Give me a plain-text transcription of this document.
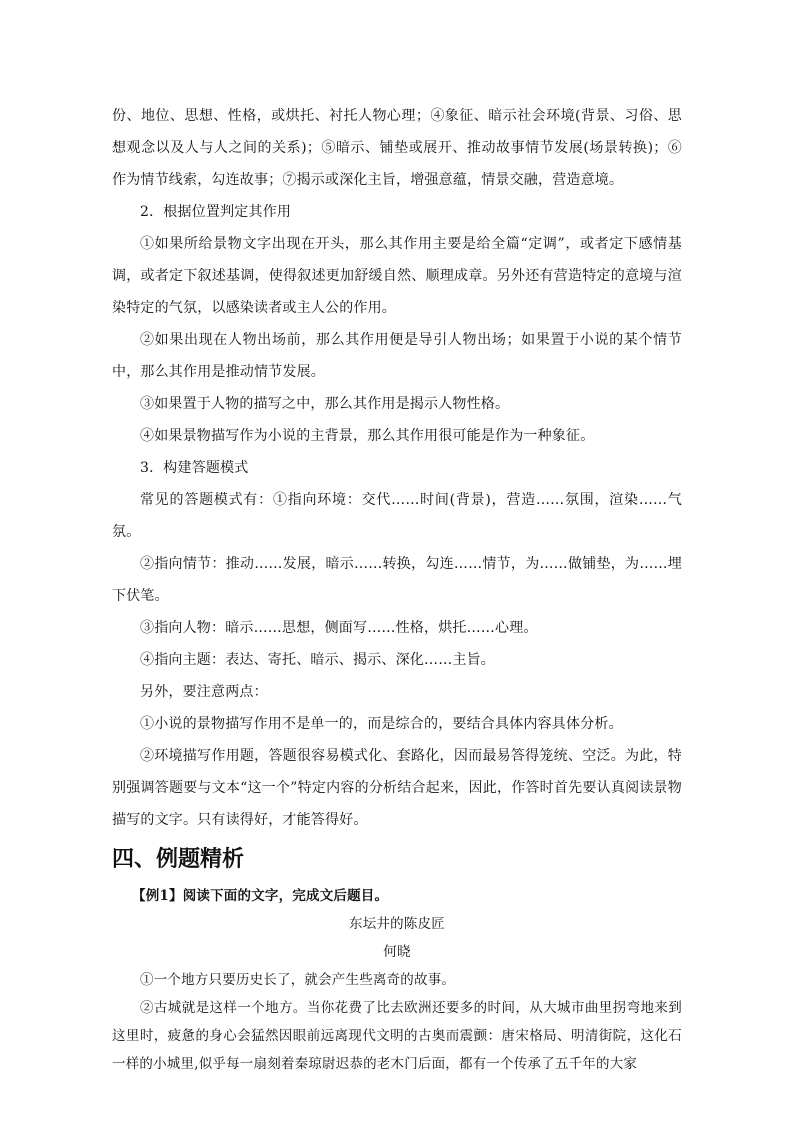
份、地位、思想、性格，或烘托、衬托人物心理；④象征、暗示社会环境(背景、习俗、思想观念以及人与人之间的关系)；⑤暗示、铺垫或展开、推动故事情节发展(场景转换)；⑥作为情节线索，勾连故事；⑦揭示或深化主旨，增强意蕴，情景交融，营造意境。

2．根据位置判定其作用

①如果所给景物文字出现在开头，那么其作用主要是给全篇“定调”，或者定下感情基调，或者定下叙述基调，使得叙述更加舒缓自然、顺理成章。另外还有营造特定的意境与渲染特定的气氛，以感染读者或主人公的作用。

②如果出现在人物出场前，那么其作用便是导引人物出场；如果置于小说的某个情节中，那么其作用是推动情节发展。

③如果置于人物的描写之中，那么其作用是揭示人物性格。

④如果景物描写作为小说的主背景，那么其作用很可能是作为一种象征。

3．构建答题模式

常见的答题模式有：①指向环境：交代……时间(背景)，营造……氛围，渲染……气氛。

②指向情节：推动……发展，暗示……转换，勾连……情节，为……做铺垫，为……埋下伏笔。

③指向人物：暗示……思想，侧面写……性格，烘托……心理。

④指向主题：表达、寄托、暗示、揭示、深化……主旨。

另外，要注意两点：

①小说的景物描写作用不是单一的，而是综合的，要结合具体内容具体分析。

②环境描写作用题，答题很容易模式化、套路化，因而最易答得笼统、空泛。为此，特别强调答题要与文本“这一个”特定内容的分析结合起来，因此，作答时首先要认真阅读景物描写的文字。只有读得好，才能答得好。

四、例题精析

【例1】阅读下面的文字，完成文后题目。

东坛井的陈皮匠

何晓

①一个地方只要历史长了，就会产生些离奇的故事。

②古城就是这样一个地方。当你花费了比去欧洲还要多的时间，从大城市曲里拐弯地来到这里时，疲惫的身心会猛然因眼前远离现代文明的古奥而震颤：唐宋格局、明清街院，这化石 一样的小城里,似乎每一扇刻着秦琼尉迟恭的老木门后面，都有一个传承了五千年的大家
